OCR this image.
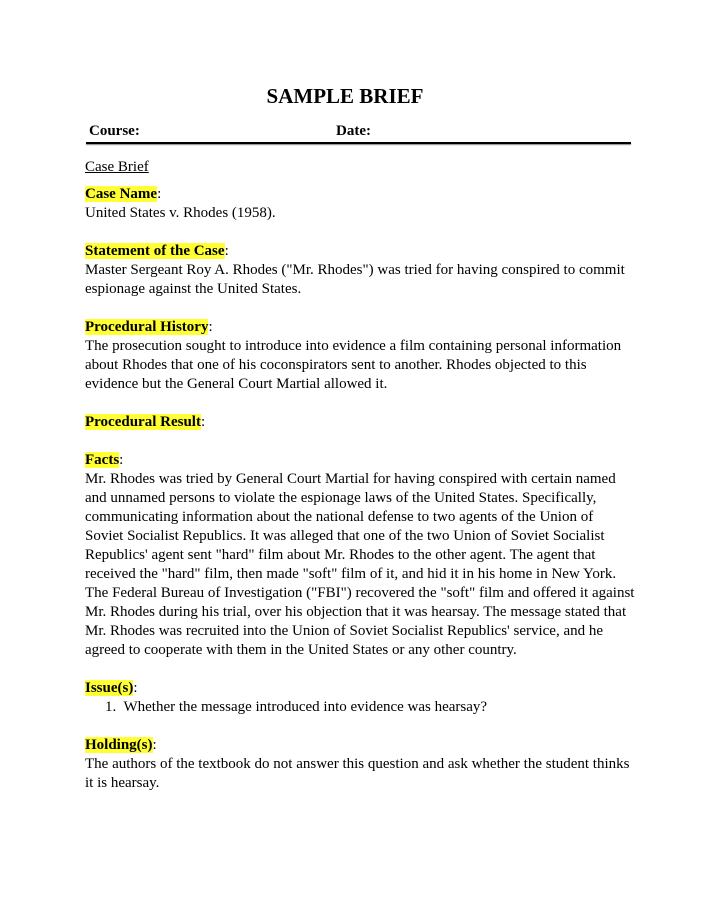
SAMPLE BRIEF
Course:	Date:
Case Brief
Case Name:

United States v. Rhodes (1958).

Statement of the Case:

Master Sergeant Roy A. Rhodes ("Mr. Rhodes") was tried for having conspired to commit espionage against the United States.

Procedural History:

The prosecution sought to introduce into evidence a film containing personal information about Rhodes that one of his coconspirators sent to another. Rhodes objected to this evidence but the General Court Martial allowed it.

Procedural Result:
Facts:

Mr. Rhodes was tried by General Court Martial for having conspired with certain named and unnamed persons to violate the espionage laws of the United States. Specifically, communicating information about the national defense to two agents of the Union of Soviet Socialist Republics. It was alleged that one of the two Union of Soviet Socialist Republics' agent sent "hard" film about Mr. Rhodes to the other agent. The agent that received the "hard" film, then made "soft" film of it, and hid it in his home in New York. The Federal Bureau of Investigation ("FBI") recovered the "soft" film and offered it against Mr. Rhodes during his trial, over his objection that it was hearsay. The message stated that Mr. Rhodes was recruited into the Union of Soviet Socialist Republics' service, and he agreed to cooperate with them in the United States or any other country.

Issue(s):
1. Whether the message introduced into evidence was hearsay?
Holding(s):

The authors of the textbook do not answer this question and ask whether the student thinks it is hearsay.
